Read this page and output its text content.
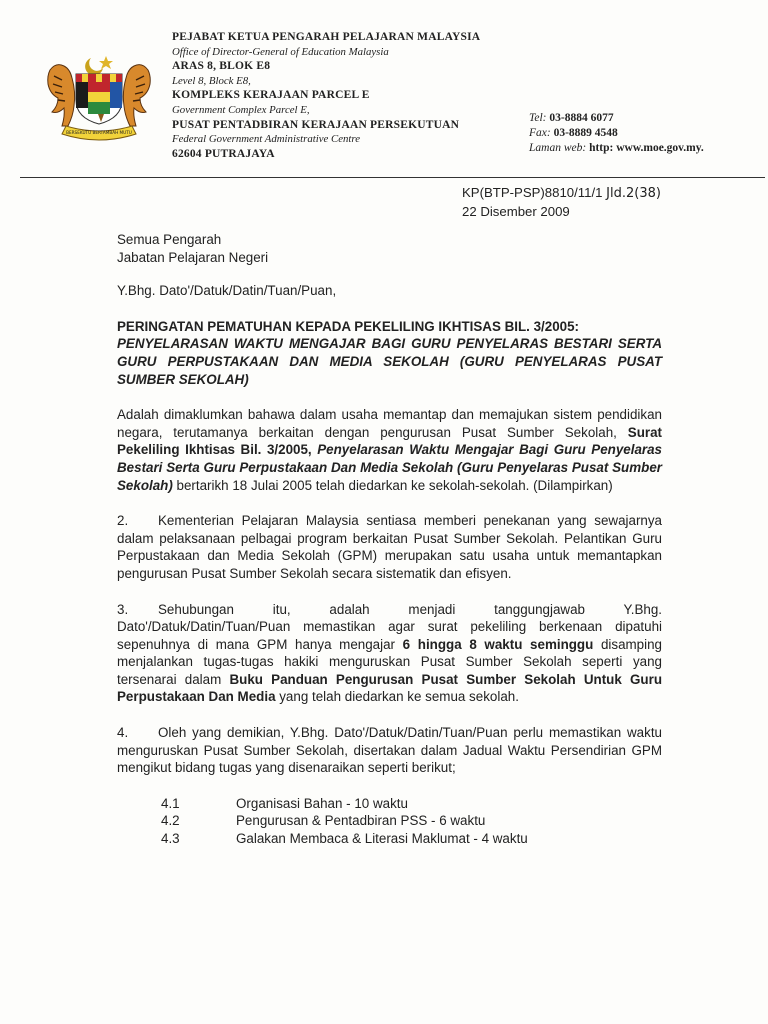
BERSEKUTU BERTAMBAH MUTU
PEJABAT KETUA PENGARAH PELAJARAN MALAYSIA
Office of Director-General of Education Malaysia
ARAS 8, BLOK E8
Level 8, Block E8,
KOMPLEKS KERAJAAN PARCEL E
Government Complex Parcel E,
PUSAT PENTADBIRAN KERAJAAN PERSEKUTUAN
Federal Government Administrative Centre
62604 PUTRAJAYA
Tel: 03-8884 6077
Fax: 03-8889 4548
Laman web: http: www.moe.gov.my.
KP(BTP-PSP)8810/11/1 Jld.2(38)
22 Disember 2009

Semua Pengarah

Jabatan Pelajaran Negeri

Y.Bhg. Dato'/Datuk/Datin/Tuan/Puan,

PERINGATAN PEMATUHAN KEPADA PEKELILING IKHTISAS BIL. 3/2005:

PENYELARASAN WAKTU MENGAJAR BAGI GURU PENYELARAS BESTARI SERTA GURU PERPUSTAKAAN DAN MEDIA SEKOLAH (GURU PENYELARAS PUSAT SUMBER SEKOLAH)

Adalah dimaklumkan bahawa dalam usaha memantap dan memajukan sistem pendidikan negara, terutamanya berkaitan dengan pengurusan Pusat Sumber Sekolah, Surat Pekeliling Ikhtisas Bil. 3/2005, Penyelarasan Waktu Mengajar Bagi Guru Penyelaras Bestari Serta Guru Perpustakaan Dan Media Sekolah (Guru Penyelaras Pusat Sumber Sekolah) bertarikh 18 Julai 2005 telah diedarkan ke sekolah-sekolah. (Dilampirkan)

2. Kementerian Pelajaran Malaysia sentiasa memberi penekanan yang sewajarnya dalam pelaksanaan pelbagai program berkaitan Pusat Sumber Sekolah. Pelantikan Guru Perpustakaan dan Media Sekolah (GPM) merupakan satu usaha untuk memantapkan pengurusan Pusat Sumber Sekolah secara sistematik dan efisyen.

3. Sehubungan itu, adalah menjadi tanggungjawab Y.Bhg. Dato'/Datuk/Datin/Tuan/Puan memastikan agar surat pekeliling berkenaan dipatuhi sepenuhnya di mana GPM hanya mengajar 6 hingga 8 waktu seminggu disamping menjalankan tugas-tugas hakiki menguruskan Pusat Sumber Sekolah seperti yang tersenarai dalam Buku Panduan Pengurusan Pusat Sumber Sekolah Untuk Guru Perpustakaan Dan Media yang telah diedarkan ke semua sekolah.

4. Oleh yang demikian, Y.Bhg. Dato'/Datuk/Datin/Tuan/Puan perlu memastikan waktu menguruskan Pusat Sumber Sekolah, disertakan dalam Jadual Waktu Persendirian GPM mengikut bidang tugas yang disenaraikan seperti berikut;

4.1	Organisasi Bahan - 10 waktu
4.2	Pengurusan & Pentadbiran PSS - 6 waktu
4.3	Galakan Membaca & Literasi Maklumat - 4 waktu
